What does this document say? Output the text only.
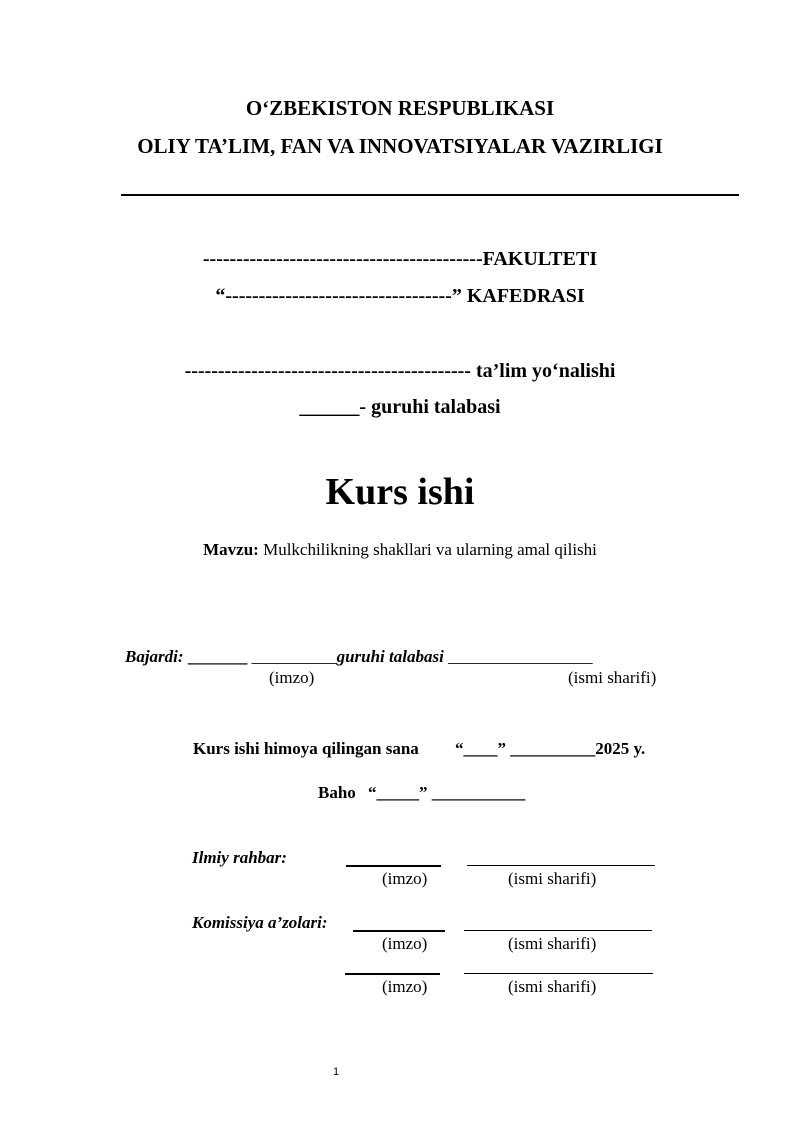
O‘ZBEKISTON RESPUBLIKASI
OLIY TA’LIM, FAN VA INNOVATSIYALAR VAZIRLIGI
------------------------------------------FAKULTETI
“----------------------------------” KAFEDRASI
------------------------------------------- ta’lim yo‘nalishi
______- guruhi talabasi
Kurs ishi
Mavzu: Mulkchilikning shakllari va ularning amal qilishi
Bajardi: _______ __________guruhi talabasi _________________
(imzo)	(ismi sharifi)
Kurs ishi himoya qilingan sana “____” __________2025 y.
Baho “_____” ___________
Ilmiy rahbar:
(imzo)	(ismi sharifi)
Komissiya a’zolari:
(imzo)	(ismi sharifi)
(imzo)	(ismi sharifi)
1
